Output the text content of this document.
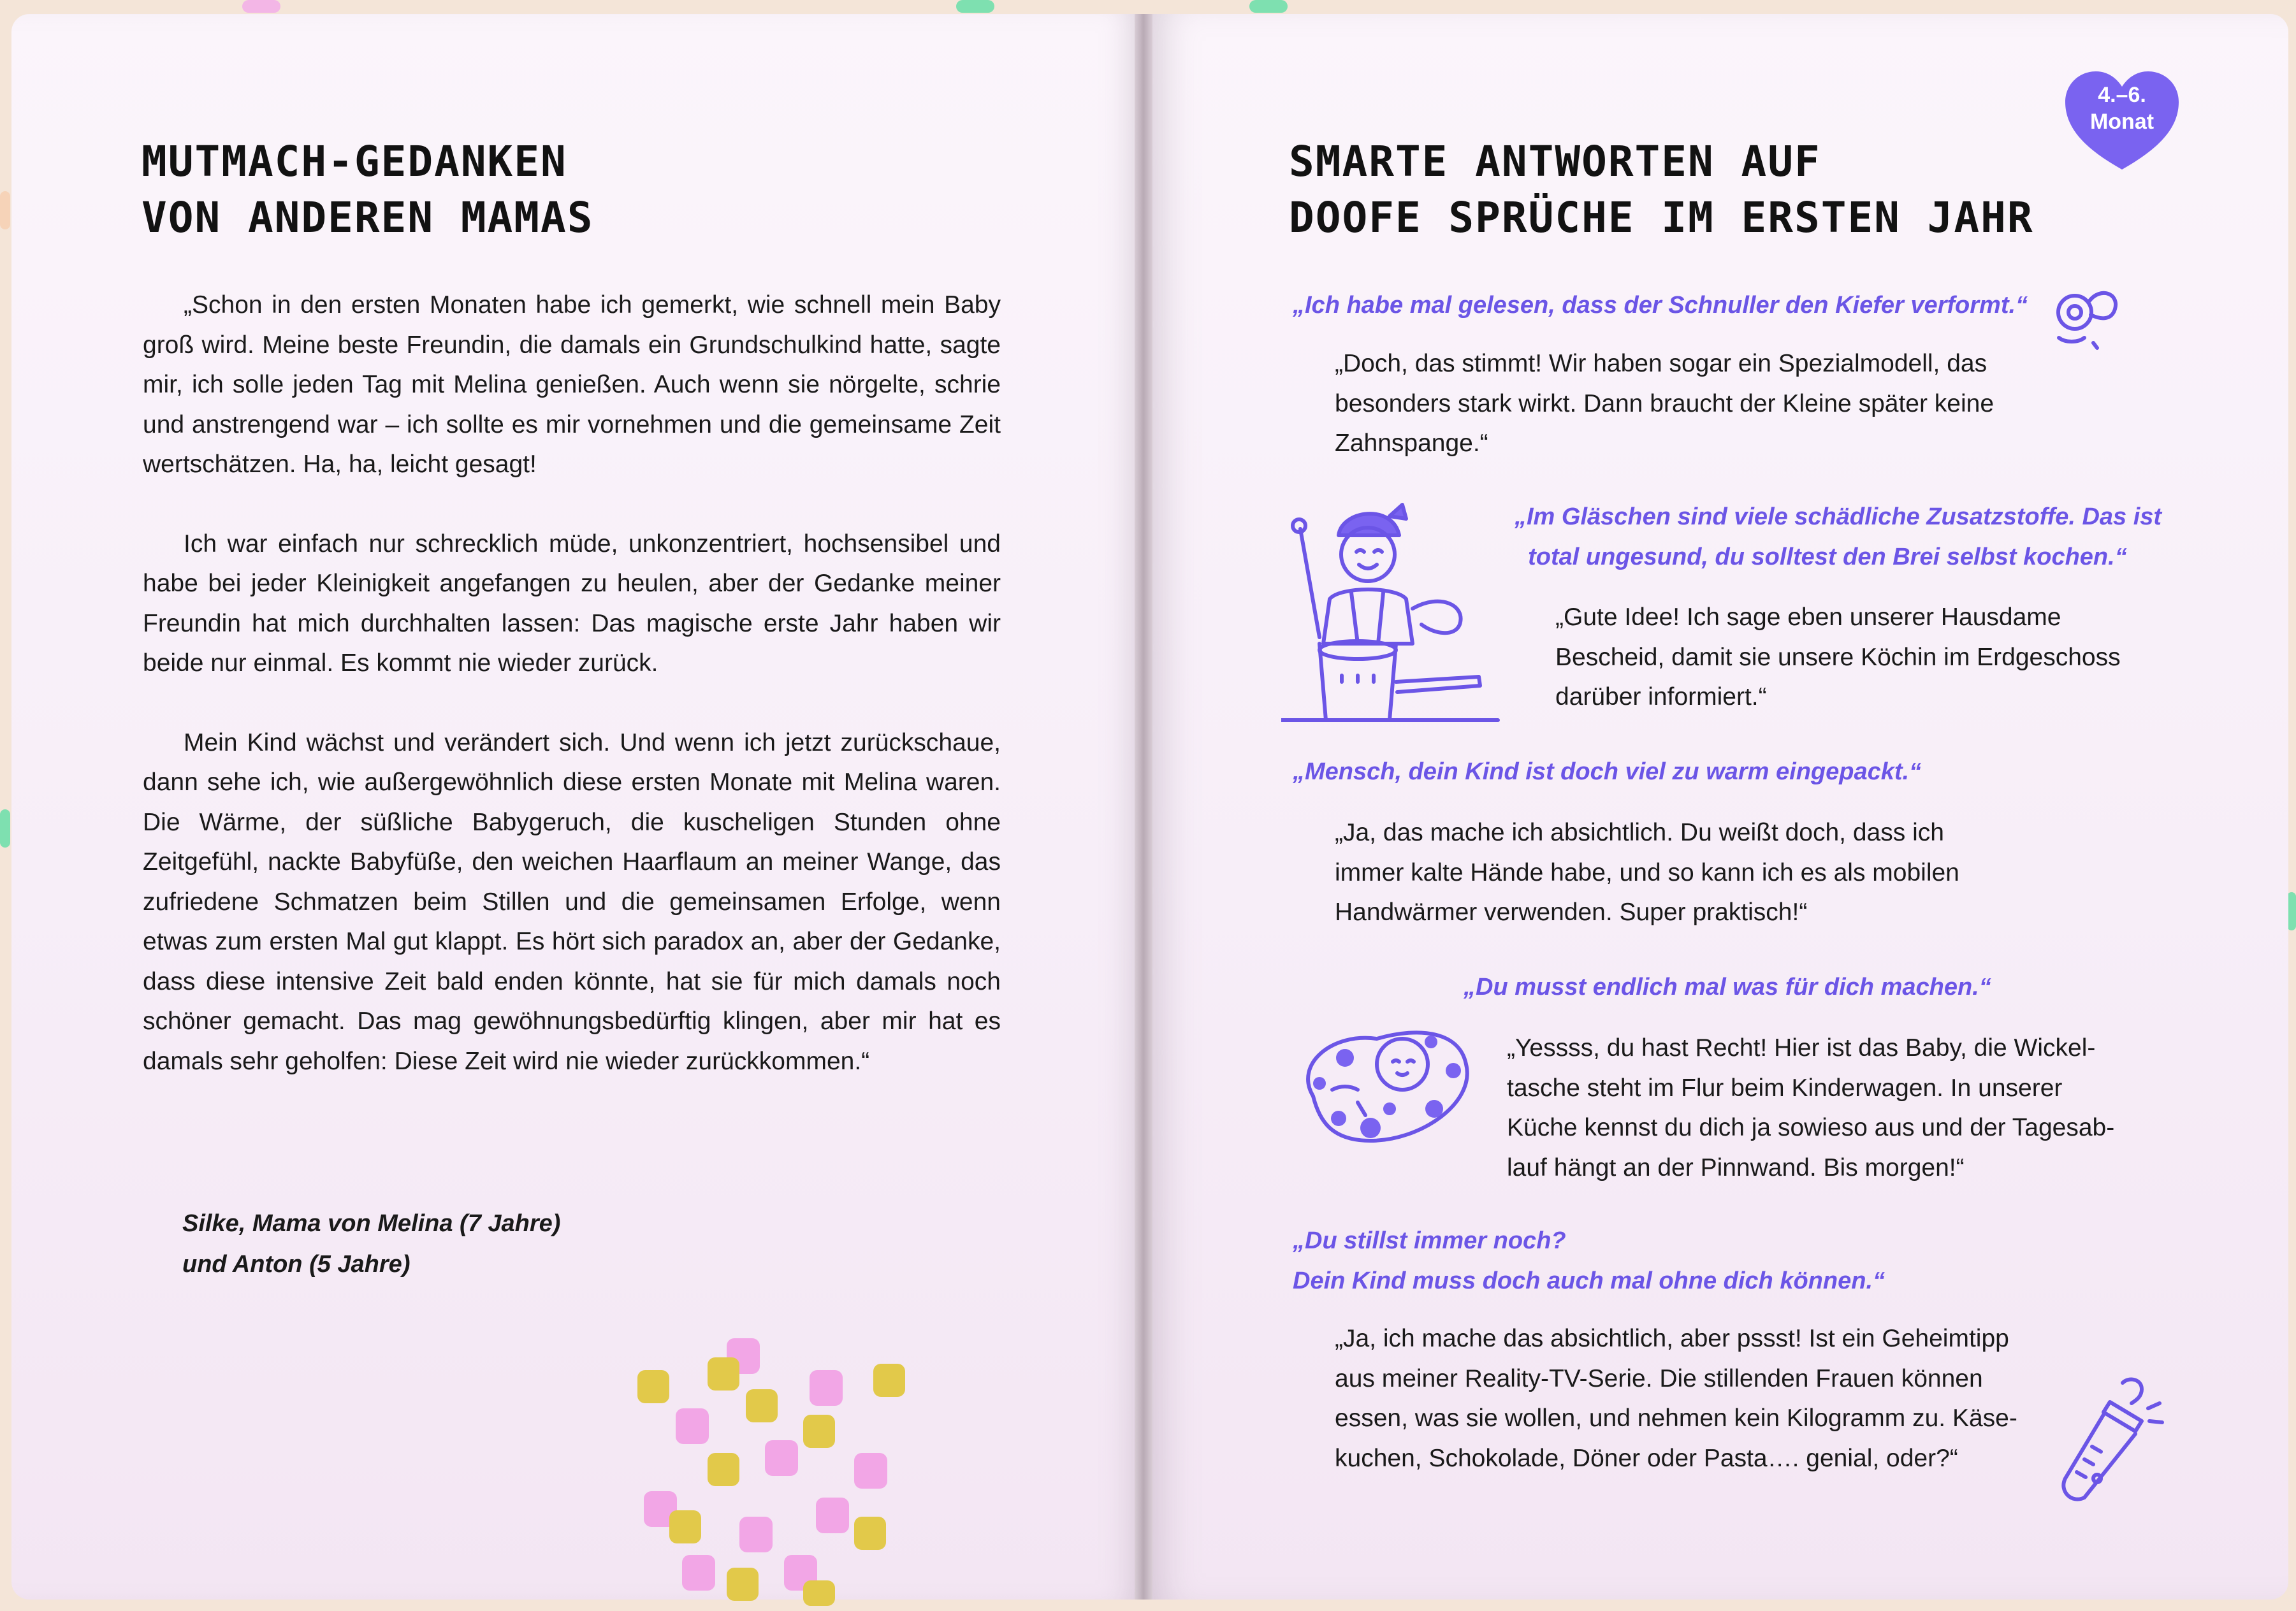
MUTMACH-GEDANKEN
VON ANDEREN MAMAS

„Schon in den ersten Monaten habe ich gemerkt, wie schnell mein Baby groß wird. Meine beste Freundin, die damals ein Grundschulkind hatte, sagte mir, ich solle jeden Tag mit Melina genießen. Auch wenn sie nörgelte, schrie und anstrengend war – ich sollte es mir vornehmen und die gemeinsame Zeit wertschätzen. Ha, ha, leicht gesagt!

Ich war einfach nur schrecklich müde, unkonzentriert, hochsensibel und habe bei jeder Kleinigkeit angefangen zu heulen, aber der Gedanke meiner Freundin hat mich durchhalten lassen: Das magische erste Jahr haben wir beide nur einmal. Es kommt nie wieder zurück.

Mein Kind wächst und verändert sich. Und wenn ich jetzt zurückschaue, dann sehe ich, wie außergewöhnlich diese ersten Monate mit Melina waren. Die Wärme, der süßliche Babygeruch, die kuscheligen Stunden ohne Zeitgefühl, nackte Babyfüße, den weichen Haarflaum an meiner Wange, das zufriedene Schmatzen beim Stillen und die gemeinsamen Erfolge, wenn etwas zum ersten Mal gut klappt. Es hört sich paradox an, aber der Gedanke, dass diese intensive Zeit bald enden könnte, hat sie für mich damals noch schöner gemacht. Das mag gewöhnungsbedürftig klingen, aber mir hat es damals sehr geholfen: Diese Zeit wird nie wieder zurückkommen.“

Silke, Mama von Melina (7 Jahre)
und Anton (5 Jahre)
4.–6.
Monat
SMARTE ANTWORTEN AUF
DOOFE SPRÜCHE IM ERSTEN JAHR
„Ich habe mal gelesen, dass der Schnuller den Kiefer verformt.“
„Doch, das stimmt! Wir haben sogar ein Spezialmodell, das
besonders stark wirkt. Dann braucht der Kleine später keine
Zahnspange.“
„Im Gläschen sind viele schädliche Zusatzstoffe. Das ist
total ungesund, du solltest den Brei selbst kochen.“
„Gute Idee! Ich sage eben unserer Hausdame
Bescheid, damit sie unsere Köchin im Erdgeschoss
darüber informiert.“
„Mensch, dein Kind ist doch viel zu warm eingepackt.“
„Ja, das mache ich absichtlich. Du weißt doch, dass ich
immer kalte Hände habe, und so kann ich es als mobilen
Handwärmer verwenden. Super praktisch!“
„Du musst endlich mal was für dich machen.“
„Yessss, du hast Recht! Hier ist das Baby, die Wickel-
tasche steht im Flur beim Kinderwagen. In unserer
Küche kennst du dich ja sowieso aus und der Tagesab-
lauf hängt an der Pinnwand. Bis morgen!“
„Du stillst immer noch?
Dein Kind muss doch auch mal ohne dich können.“
„Ja, ich mache das absichtlich, aber pssst! Ist ein Geheimtipp
aus meiner Reality-TV-Serie. Die stillenden Frauen können
essen, was sie wollen, und nehmen kein Kilogramm zu. Käse-
kuchen, Schokolade, Döner oder Pasta…. genial, oder?“
